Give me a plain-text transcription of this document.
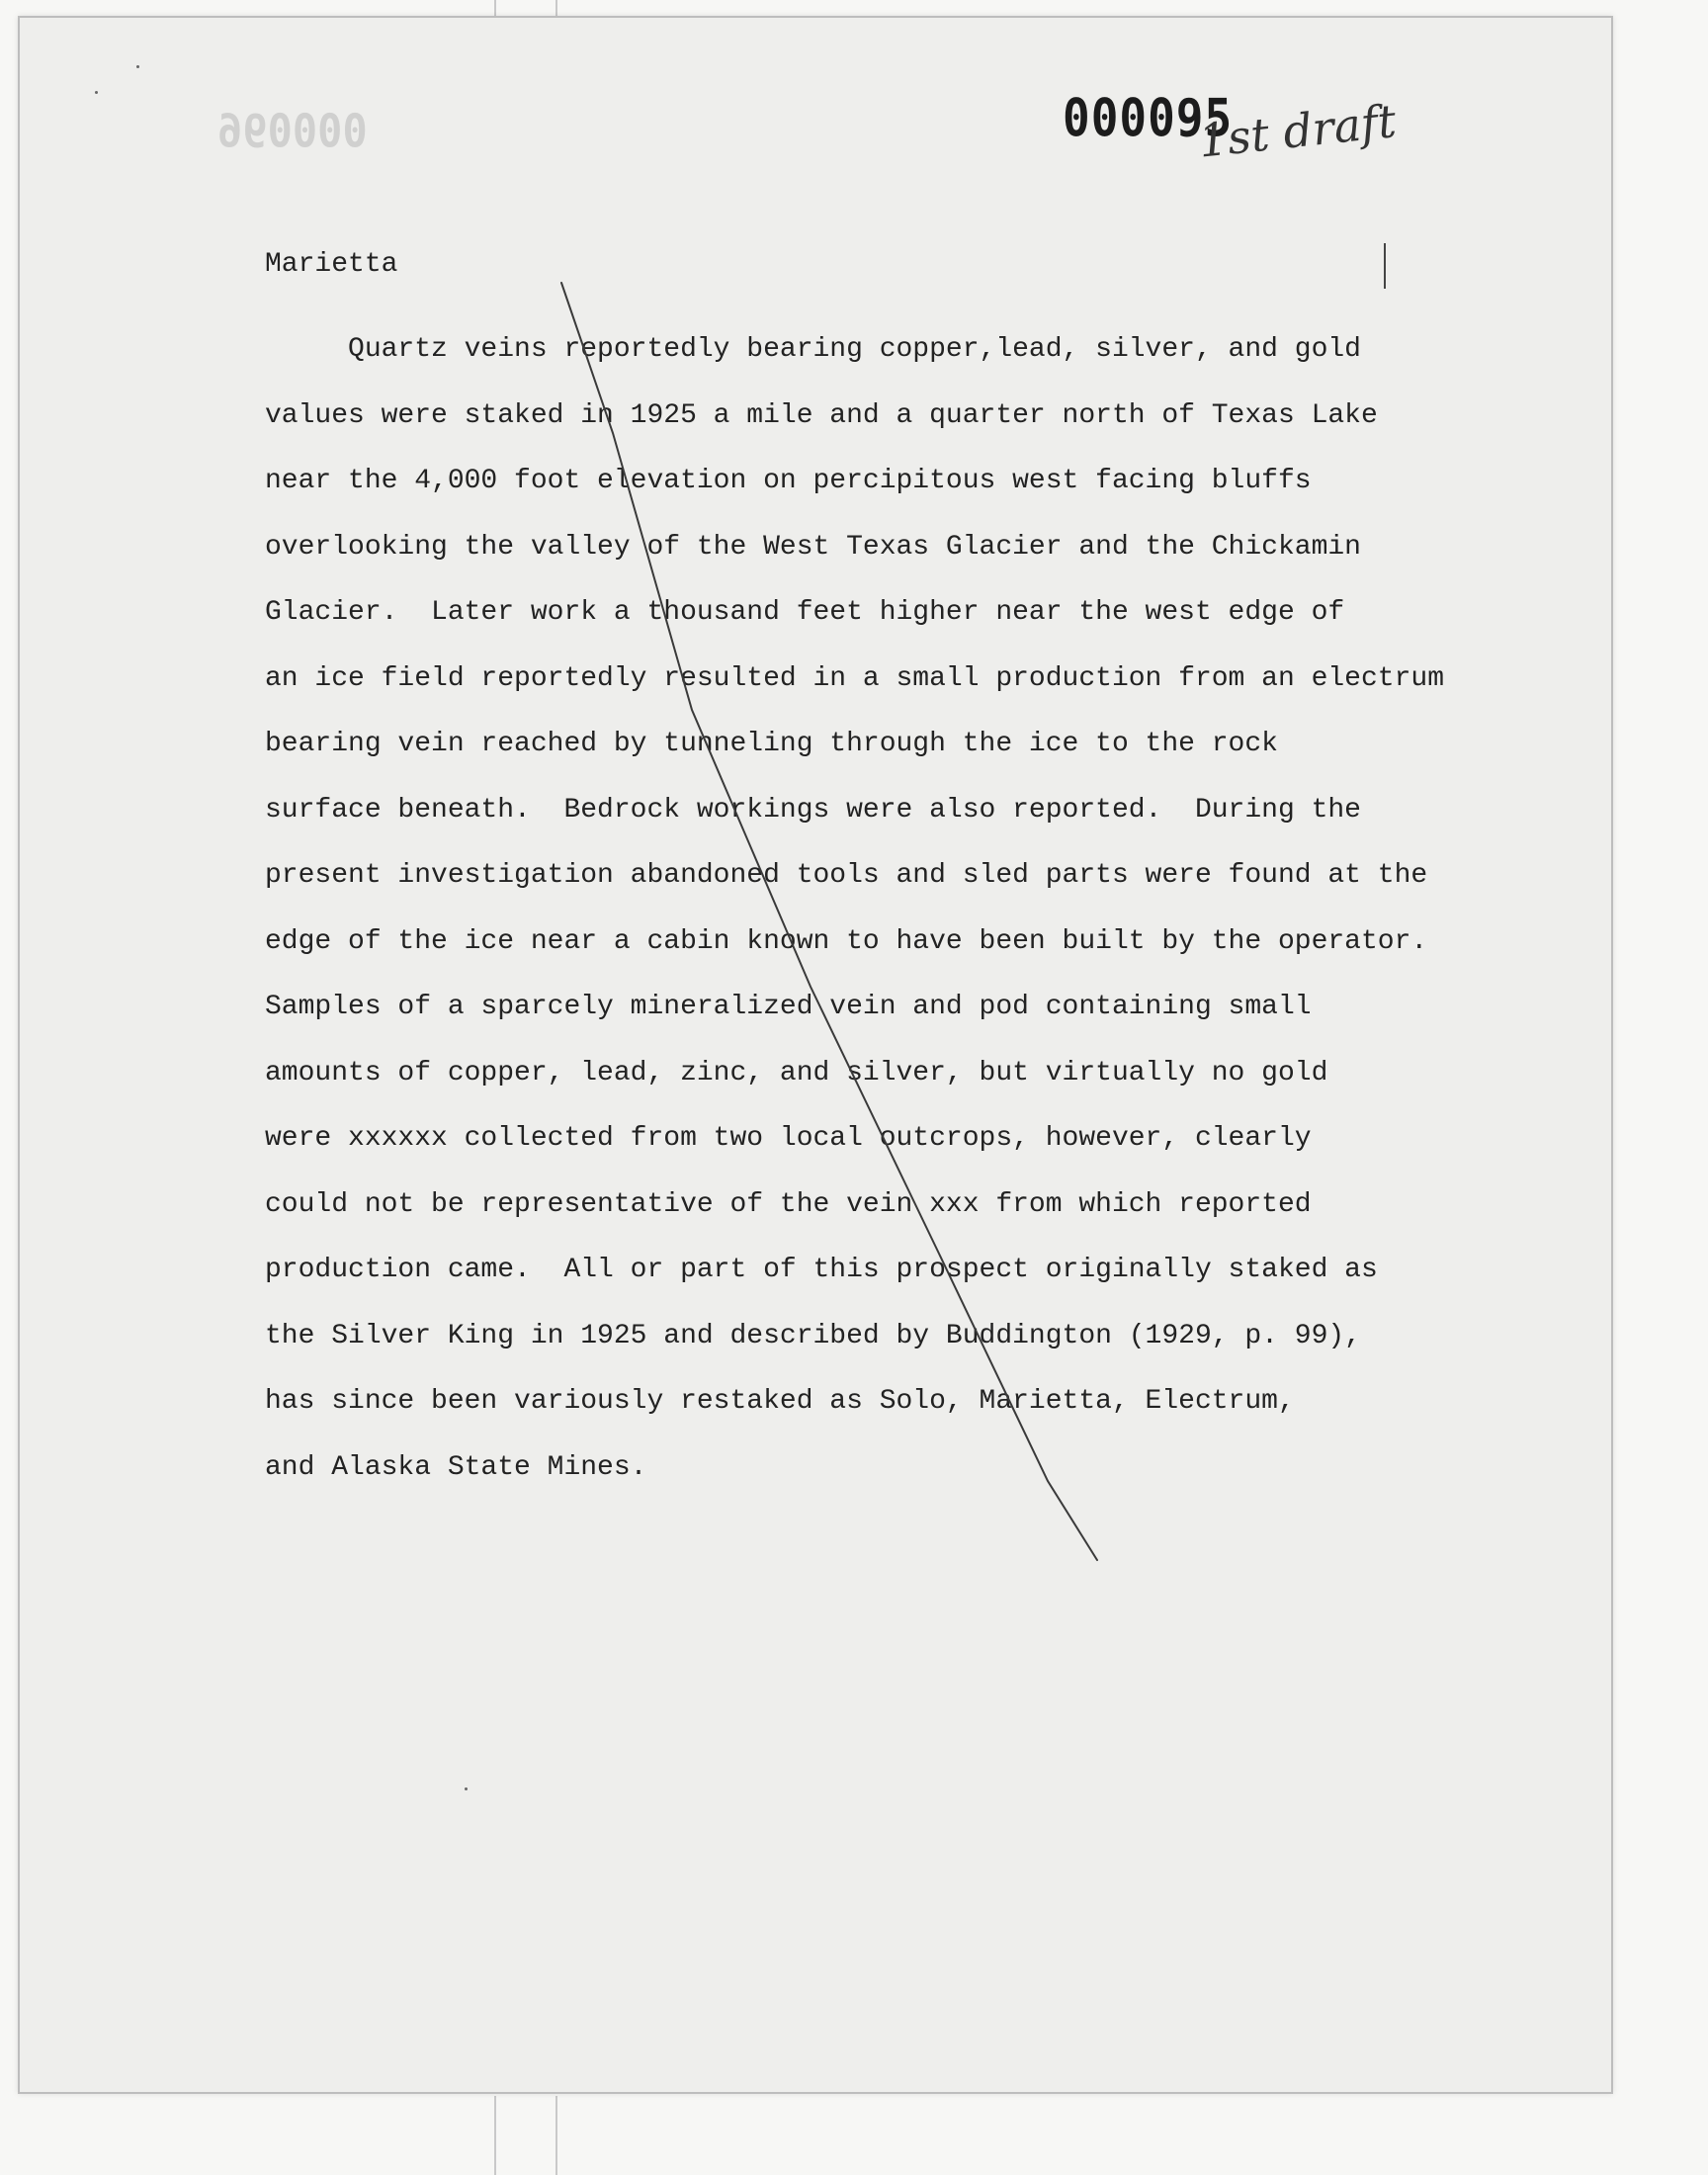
000096	000095
1st draft
Marietta
Quartz veins reportedly bearing copper,lead, silver, and gold
values were staked in 1925 a mile and a quarter north of Texas Lake
near the 4,000 foot elevation on percipitous west facing bluffs
overlooking the valley of the West Texas Glacier and the Chickamin
Glacier.  Later work a thousand feet higher near the west edge of
an ice field reportedly resulted in a small production from an electrum
bearing vein reached by tunneling through the ice to the rock
surface beneath.  Bedrock workings were also reported.  During the
present investigation abandoned tools and sled parts were found at the
edge of the ice near a cabin known to have been built by the operator.
Samples of a sparcely mineralized vein and pod containing small
amounts of copper, lead, zinc, and silver, but virtually no gold
were xxxxxx collected from two local outcrops, however, clearly
could not be representative of the vein xxx from which reported
production came.  All or part of this prospect originally staked as
the Silver King in 1925 and described by Buddington (1929, p. 99),
has since been variously restaked as Solo, Marietta, Electrum,
and Alaska State Mines.
